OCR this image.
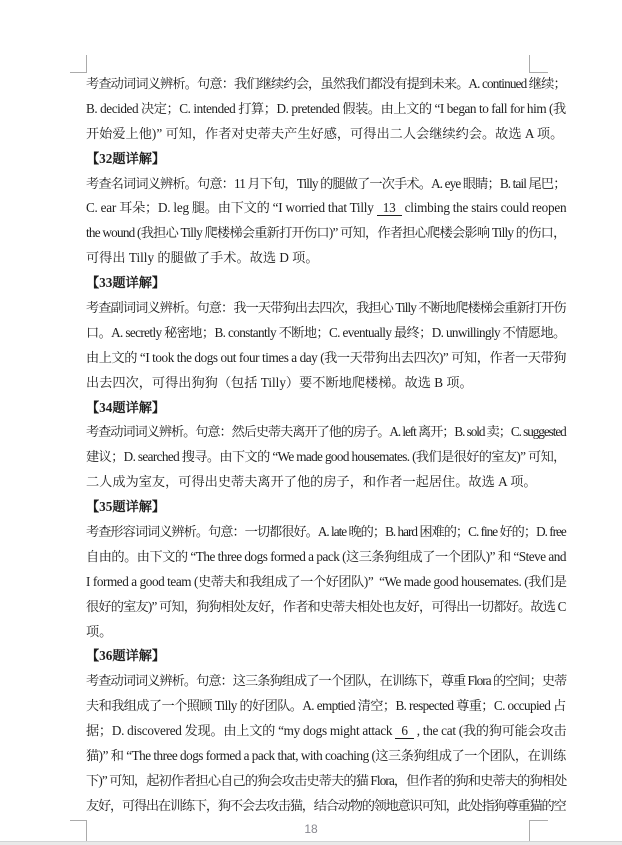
考查动词词义辨析。句意：我们继续约会，虽然我们都没有提到未来。A. continued 继续；
B. decided 决定；C. intended 打算；D. pretended 假装。由上文的 “I began to fall for him (我
开始爱上他)” 可知，作者对史蒂夫产生好感，可得出二人会继续约会。故选 A 项。
【32题详解】
考查名词词义辨析。句意：11 月下旬，Tilly 的腿做了一次手术。A. eye 眼睛；B. tail 尾巴；
C. ear 耳朵；D. leg 腿。由下文的 “I worried that Tilly   13   climbing the stairs could reopen
the wound (我担心 Tilly 爬楼梯会重新打开伤口)” 可知，作者担心爬楼会影响 Tilly 的伤口，
可得出 Tilly 的腿做了手术。故选 D 项。
【33题详解】
考查副词词义辨析。句意：我一天带狗出去四次，我担心 Tilly 不断地爬楼梯会重新打开伤
口。A. secretly 秘密地；B. constantly 不断地；C. eventually 最终；D. unwillingly 不情愿地。
由上文的 “I took the dogs out four times a day (我一天带狗出去四次)” 可知，作者一天带狗
出去四次，可得出狗狗（包括 Tilly）要不断地爬楼梯。故选 B 项。
【34题详解】
考查动词词义辨析。句意：然后史蒂夫离开了他的房子。A. left 离开；B. sold 卖；C. suggested
建议；D. searched 搜寻。由下文的 “We made good housemates. (我们是很好的室友)” 可知，
二人成为室友，可得出史蒂夫离开了他的房子，和作者一起居住。故选 A 项。
【35题详解】
考查形容词词义辨析。句意：一切都很好。A. late 晚的；B. hard 困难的；C. fine 好的；D. free
自由的。由下文的 “The three dogs formed a pack (这三条狗组成了一个团队)” 和 “Steve and
I formed a good team (史蒂夫和我组成了一个好团队)”  “We made good housemates. (我们是
很好的室友)” 可知，狗狗相处友好，作者和史蒂夫相处也友好，可得出一切都好。故选 C
项。
【36题详解】
考查动词词义辨析。句意：这三条狗组成了一个团队，在训练下，尊重 Flora 的空间；史蒂
夫和我组成了一个照顾 Tilly 的好团队。A. emptied 清空；B. respected 尊重；C. occupied 占
据；D. discovered 发现。由上文的 “my dogs might attack   6   , the cat (我的狗可能会攻击
猫)” 和 “The three dogs formed a pack that, with coaching (这三条狗组成了一个团队，在训练
下)” 可知，起初作者担心自己的狗会攻击史蒂夫的猫 Flora，但作者的狗和史蒂夫的狗相处
友好，可得出在训练下，狗不会去攻击猫，结合动物的领地意识可知，此处指狗尊重猫的空
18
